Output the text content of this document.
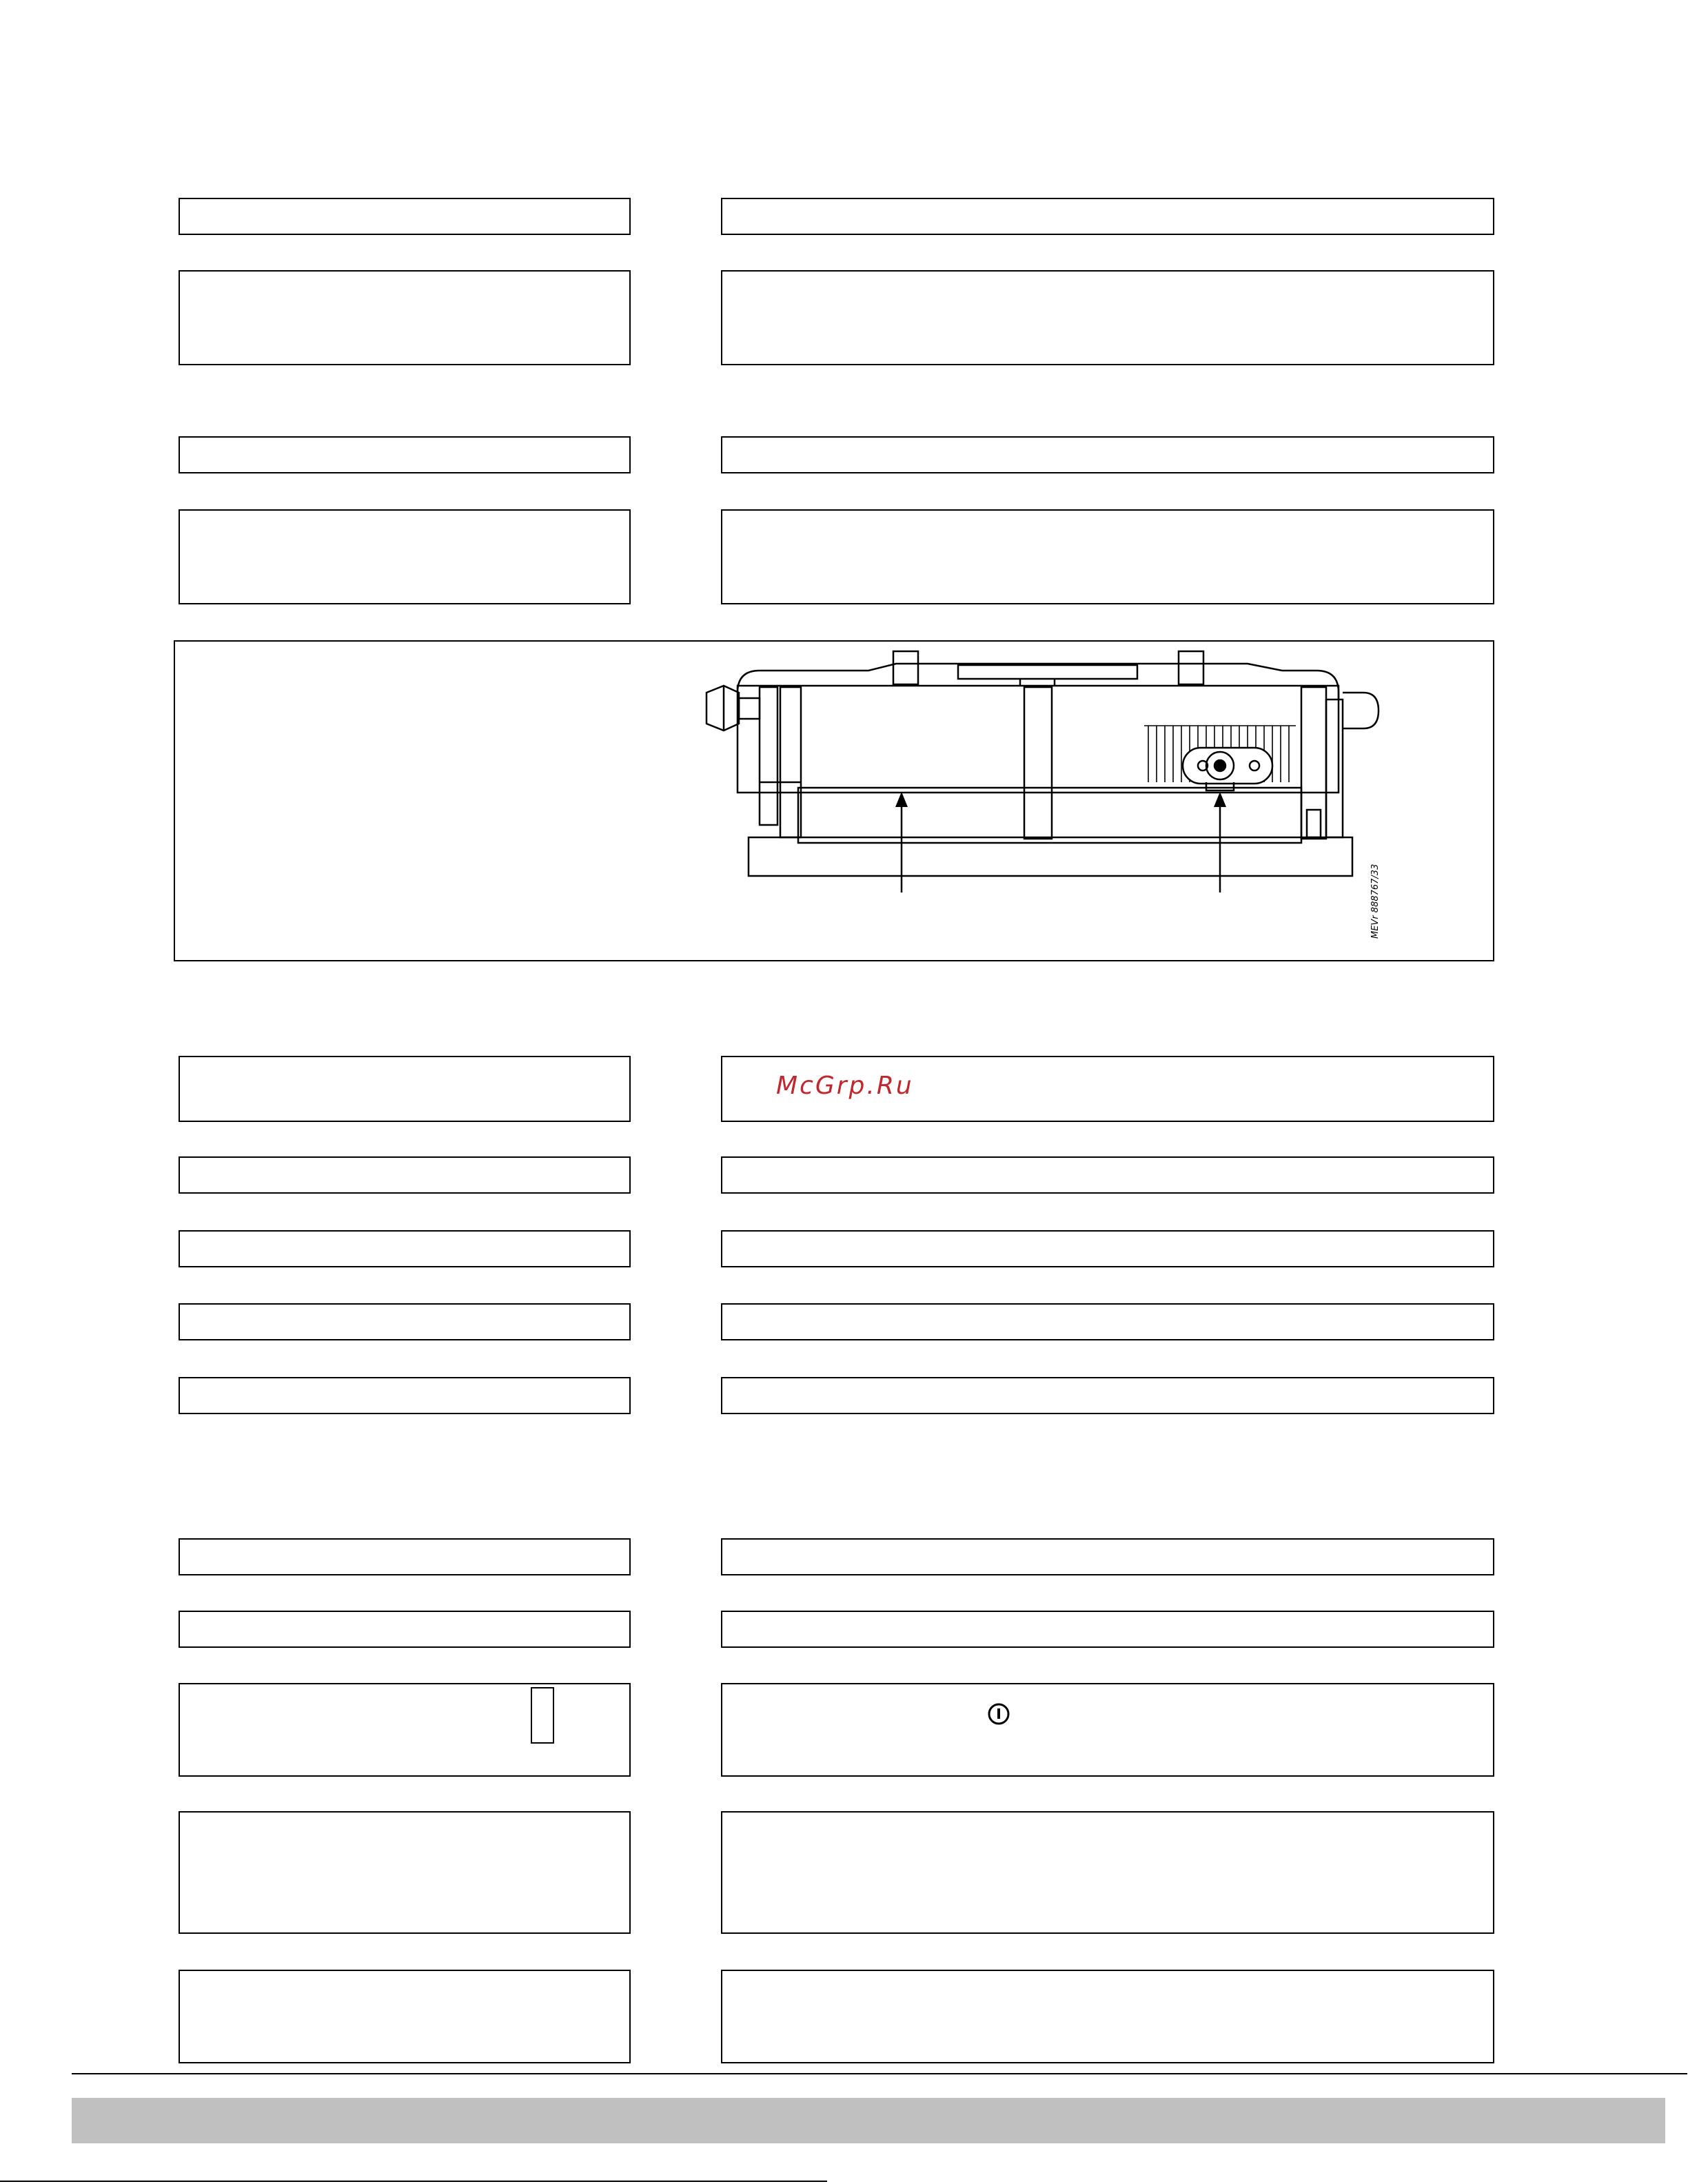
MEVr 888767/33
McGrp.Ru
